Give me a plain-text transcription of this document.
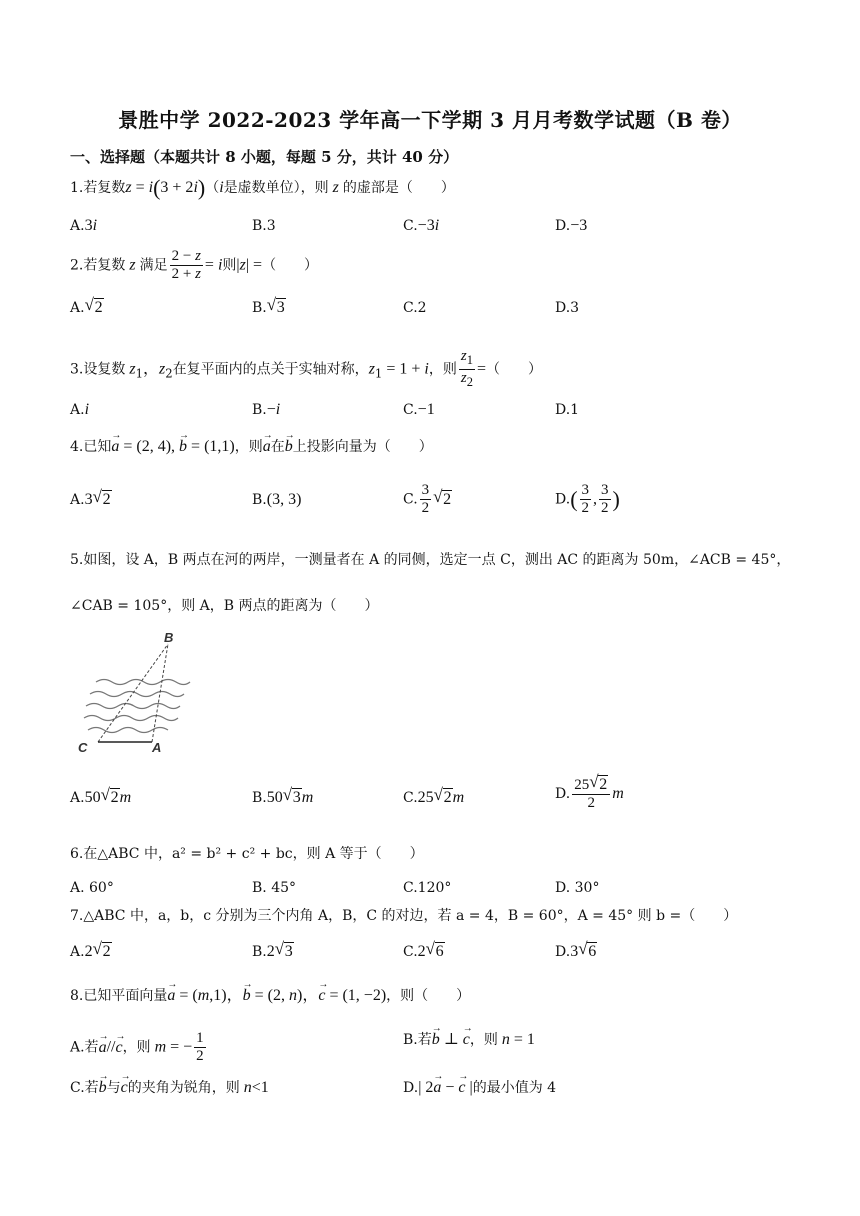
景胜中学 2022-2023 学年高一下学期 3 月月考数学试题（B 卷）
一、选择题（本题共计 8 小题，每题 5 分，共计 40 分）
1.若复数z = i(3 + 2i)（i是虚数单位），则 z 的虚部是（　　）
A.3i	B.3	C.−3i	D.−3
2.若复数 z 满足 $\frac{2 - z}{2 + z} = i$则|z| =（　　）
A. √ 2	B. √ 3	C.2	D.3
3.设复数 $z_1$，$z_2$在复平面内的点关于实轴对称，$z_1 = 1 + i$，则 $\frac{z_1}{z_2}$ =（　　）
A.i	B.−i	C.−1	D.1
4.已知→ a = (2, 4), → b = (1,1)，则→ a在→ b上投影向量为（　　）
A.3 √ 2	B.(3, 3)	C. $\frac{3}{2}$ √ 2	$D.( \frac{3}{2}$ , $\frac{3}{2}$ )
5.如图，设 A，B 两点在河的两岸，一测量者在 A 的同侧，选定一点 C，测出 AC 的距离为 50m，∠ACB = 45°，
∠CAB = 105°，则 A，B 两点的距离为（　　）
B
C	A
A.50 √ 2m	B.50 √ 3m	C.25 √ 2m	D. $\frac{25 √ 2}{2}$ m
6.在△ABC 中，a² = b² + c² + bc，则 A 等于（　　）
A. 60°	B. 45°	C.120°	D. 30°
7.△ABC 中，a，b，c 分别为三个内角 A，B，C 的对边，若 a = 4，B = 60°，A = 45° 则 b =（　　）
A.2 √ 2	B.2 √ 3	C.2 √ 6	D.3 √ 6
8.已知平面向量→ a = (m,1)，→ b = (2, n)，→ c = (1, −2)，则（　　）
A.若→ a//→ c，则 m = − $\frac{1}{2}$	B.若→ b ⊥ → c，则 n = 1
C.若→ b与→ c的夹角为锐角，则 n<1	D.| 2→ a − → c |的最小值为 4
